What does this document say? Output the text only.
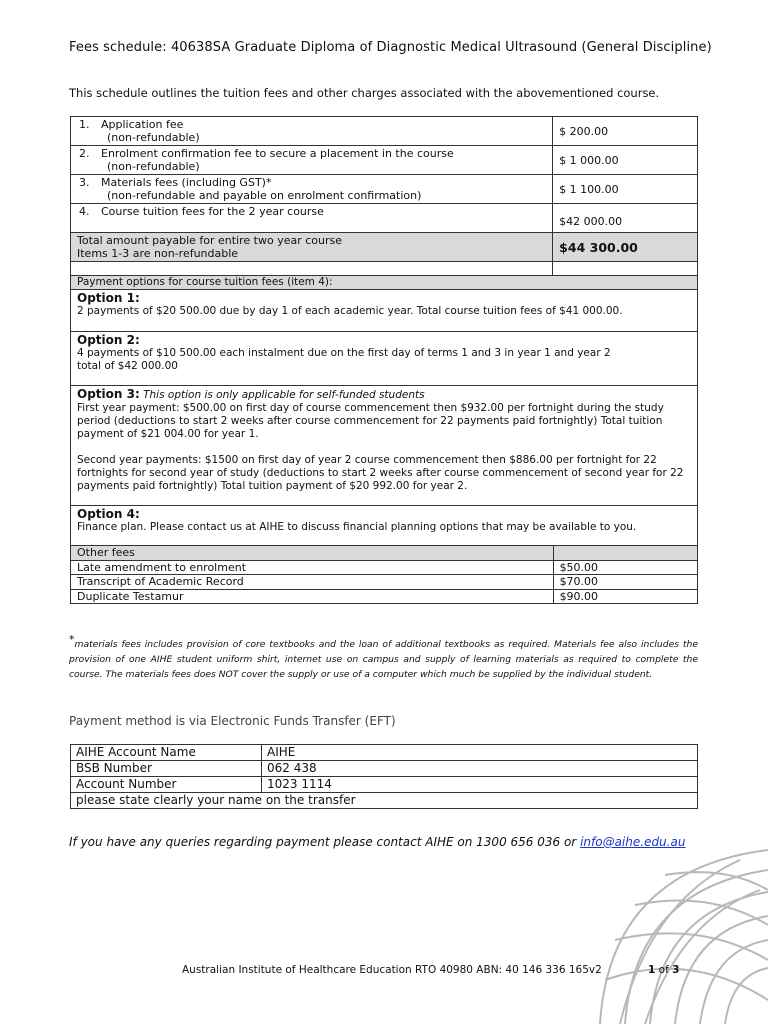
Fees schedule: 40638SA Graduate Diploma of Diagnostic Medical Ultrasound (General Discipline)
This schedule outlines the tuition fees and other charges associated with the abovementioned course.
1. Application fee
(non-refundable)	$ 200.00
2. Enrolment confirmation fee to secure a placement in the course
(non-refundable)	$ 1 000.00
3. Materials fees (including GST)*
(non-refundable and payable on enrolment confirmation)	$ 1 100.00
4. Course tuition fees for the 2 year course	$42 000.00
Total amount payable for entire two year course
Items 1-3 are non-refundable	$44 300.00

Payment options for course tuition fees (item 4):

Option 1:
2 payments of $20 500.00 due by day 1 of each academic year. Total course tuition fees of $41 000.00.

Option 2:
4 payments of $10 500.00 each instalment due on the first day of terms 1 and 3 in year 1 and year 2
total of $42 000.00

Option 3: This option is only applicable for self-funded students
First year payment: $500.00 on first day of course commencement then $932.00 per fortnight during the study period (deductions to start 2 weeks after course commencement for 22 payments paid fortnightly) Total tuition payment of $21 004.00 for year 1.
Second year payments: $1500 on first day of year 2 course commencement then $886.00 per fortnight for 22 fortnights for second year of study (deductions to start 2 weeks after course commencement of second year for 22 payments paid fortnightly) Total tuition payment of $20 992.00 for year 2.

Option 4:
Finance plan. Please contact us at AIHE to discuss financial planning options that may be available to you.
Other fees	
Late amendment to enrolment	$50.00
Transcript of Academic Record	$70.00
Duplicate Testamur	$90.00
*materials fees includes provision of core textbooks and the loan of additional textbooks as required. Materials fee also includes the provision of one AIHE student uniform shirt, internet use on campus and supply of learning materials as required to complete the course. The materials fees does NOT cover the supply or use of a computer which much be supplied by the individual student.
Payment method is via Electronic Funds Transfer (EFT)
AIHE Account Name	AIHE
BSB Number	062 438
Account Number	1023 1114
please state clearly your name on the transfer	
If you have any queries regarding payment please contact AIHE on 1300 656 036 or info@aihe.edu.au
Australian Institute of Healthcare Education RTO 40980 ABN: 40 146 336 165v2	1 of 3
